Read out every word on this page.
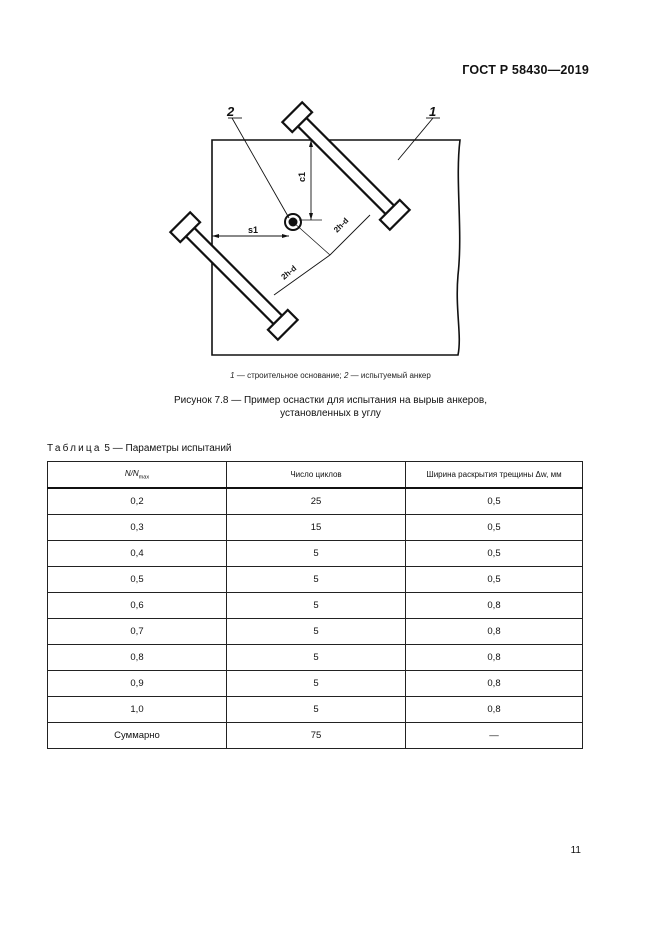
ГОСТ Р 58430—2019
2	1
s1
c1
2h‑d
2h‑d
1 — строительное основание; 2 — испытуемый анкер
Рисунок 7.8 — Пример оснастки для испытания на вырыв анкеров,
установленных в углу
Таблица 5 — Параметры испытаний
$N/N_{max}$	Число циклов	Ширина раскрытия трещины Δw, мм
0,2	25	0,5
0,3	15	0,5
0,4	5	0,5
0,5	5	0,5
0,6	5	0,8
0,7	5	0,8
0,8	5	0,8
0,9	5	0,8
1,0	5	0,8
Суммарно	75	—
11
